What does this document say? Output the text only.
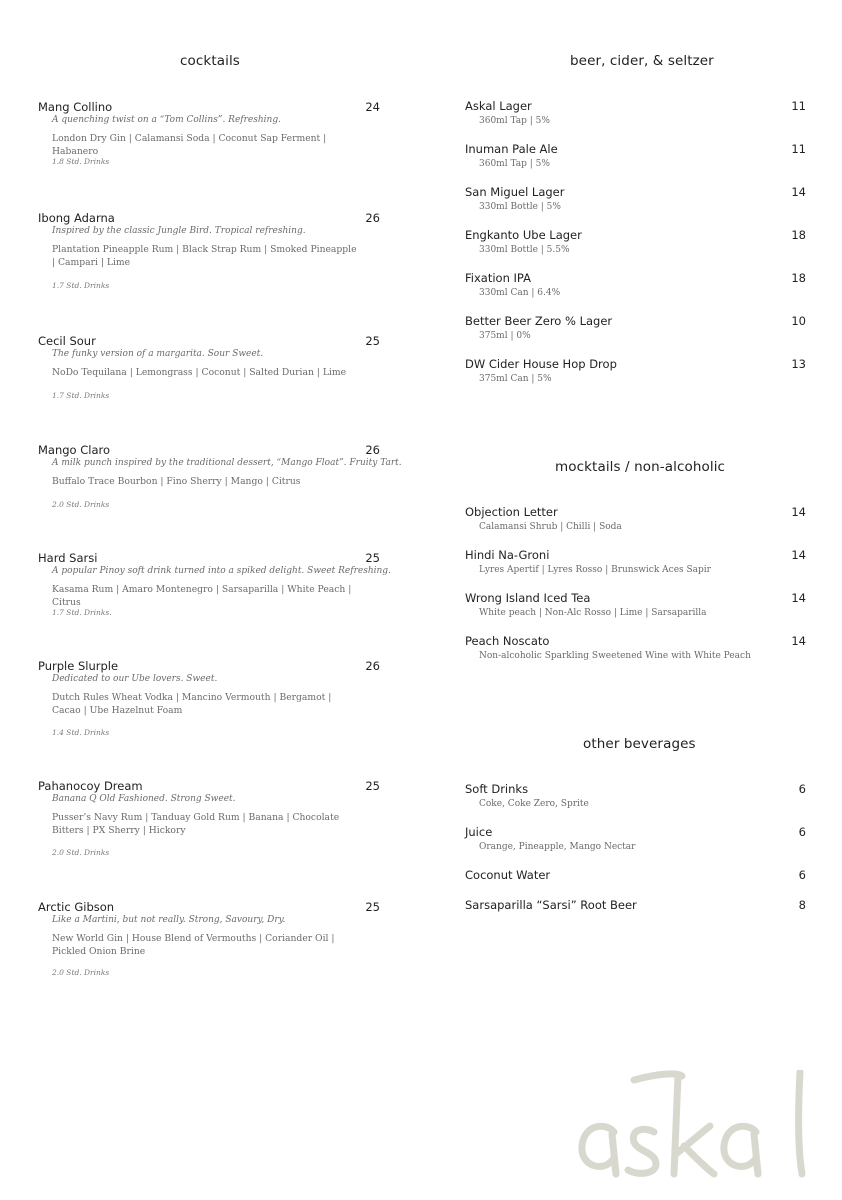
cocktails
Mang Collino	24
A quenching twist on a “Tom Collins”. Refreshing.
London Dry Gin | Calamansi Soda | Coconut Sap Ferment | Habanero
1.8 Std. Drinks
Ibong Adarna	26
Inspired by the classic Jungle Bird. Tropical refreshing.
Plantation Pineapple Rum | Black Strap Rum | Smoked Pineapple | Campari | Lime
1.7 Std. Drinks
Cecil Sour	25
The funky version of a margarita. Sour Sweet.
NoDo Tequilana | Lemongrass | Coconut | Salted Durian | Lime
1.7 Std. Drinks
Mango Claro	26
A milk punch inspired by the traditional dessert, “Mango Float”. Fruity Tart.
Buffalo Trace Bourbon | Fino Sherry | Mango | Citrus
2.0 Std. Drinks
Hard Sarsi	25
A popular Pinoy soft drink turned into a spiked delight. Sweet Refreshing.
Kasama Rum | Amaro Montenegro | Sarsaparilla | White Peach | Citrus
1.7 Std. Drinks.
Purple Slurple	26
Dedicated to our Ube lovers. Sweet.
Dutch Rules Wheat Vodka | Mancino Vermouth | Bergamot | Cacao | Ube Hazelnut Foam
1.4 Std. Drinks
Pahanocoy Dream	25
Banana Q Old Fashioned. Strong Sweet.
Pusser’s Navy Rum | Tanduay Gold Rum | Banana | Chocolate Bitters | PX Sherry | Hickory
2.0 Std. Drinks
Arctic Gibson	25
Like a Martini, but not really. Strong, Savoury, Dry.
New World Gin | House Blend of Vermouths | Coriander Oil | Pickled Onion Brine
2.0 Std. Drinks
beer, cider, & seltzer
Askal Lager	11
360ml Tap | 5%
Inuman Pale Ale	11
360ml Tap | 5%
San Miguel Lager	14
330ml Bottle | 5%
Engkanto Ube Lager	18
330ml Bottle | 5.5%
Fixation IPA	18
330ml Can | 6.4%
Better Beer Zero % Lager	10
375ml | 0%
DW Cider House Hop Drop	13
375ml Can | 5%
mocktails / non-alcoholic
Objection Letter	14
Calamansi Shrub | Chilli | Soda
Hindi Na-Groni	14
Lyres Apertif | Lyres Rosso | Brunswick Aces Sapir
Wrong Island Iced Tea	14
White peach | Non-Alc Rosso | Lime | Sarsaparilla
Peach Noscato	14
Non-alcoholic Sparkling Sweetened Wine with White Peach
other beverages
Soft Drinks	6
Coke, Coke Zero, Sprite
Juice	6
Orange, Pineapple, Mango Nectar
Coconut Water	6
Sarsaparilla “Sarsi” Root Beer	8
